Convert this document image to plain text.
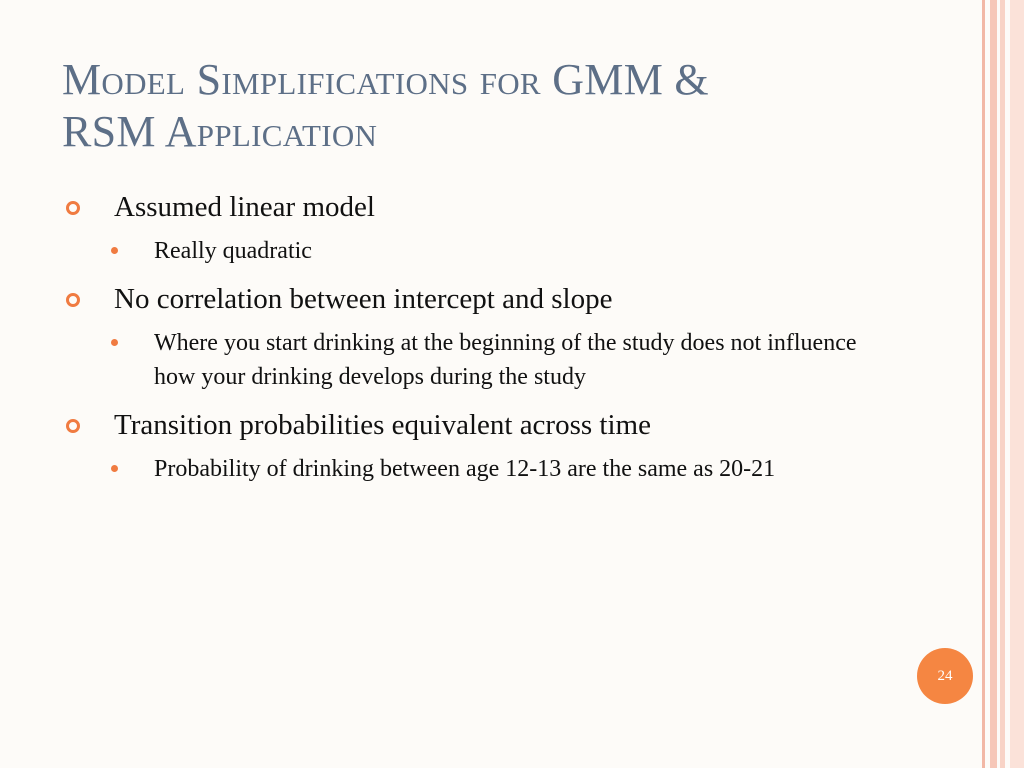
Model Simplifications for GMM &
RSM Application
Assumed linear model
Really quadratic
No correlation between intercept and slope
Where you start drinking at the beginning of the study does not influence how your drinking develops during the study
Transition probabilities equivalent across time
Probability of drinking between age 12-13 are the same as 20-21
24
